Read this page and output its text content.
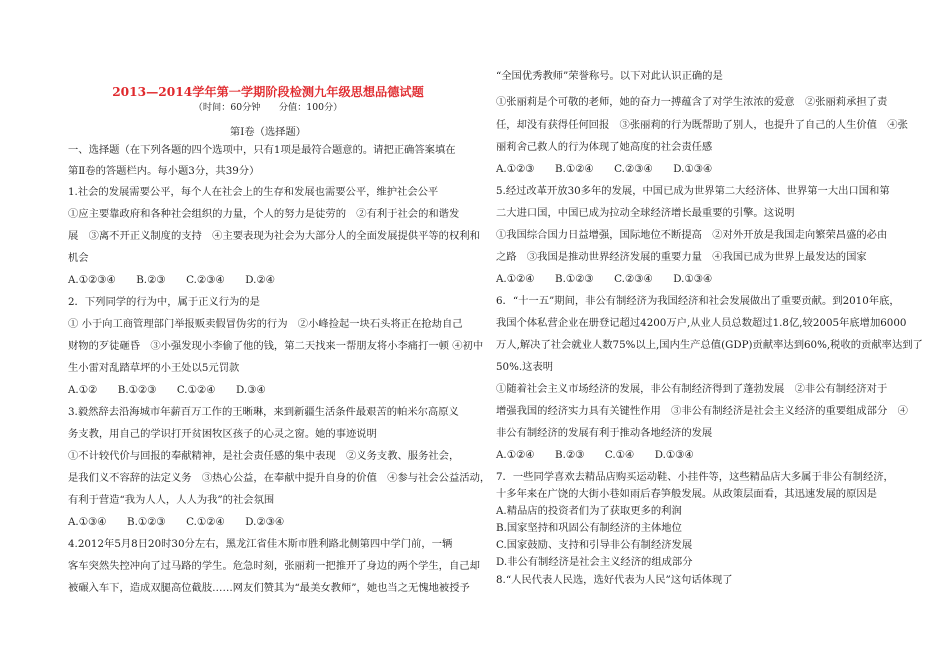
2013—2014学年第一学期阶段检测九年级思想品德试题
（时间：60分钟　　分值：100分）
第Ⅰ卷（选择题）
一、选择题（在下列各题的四个选项中，只有1项是最符合题意的。请把正确答案填在
第Ⅱ卷的答题栏内。每小题3分，共39分）
1.社会的发展需要公平，每个人在社会上的生存和发展也需要公平，维护社会公平
①应主要靠政府和各种社会组织的力量，个人的努力是徒劳的　②有利于社会的和谐发
展　③离不开正义制度的支持　④主要表现为社会为大部分人的全面发展提供平等的权利和
机会
A.①②③④　　B.②③　　C.②③④　　D.②④
2．下列同学的行为中，属于正义行为的是
① 小于向工商管理部门举报贩卖假冒伪劣的行为　②小峰捡起一块石头将正在抢劫自己
财物的歹徒砸昏　③小强发现小李偷了他的钱，第二天找来一帮朋友将小李痛打一顿 ④初中
生小雷对乱踏草坪的小王处以5元罚款
A.①②　　B.①②③　　C.①②④　　D.③④
3.毅然辞去沿海城市年薪百万工作的王晰琳，来到新疆生活条件最艰苦的帕米尔高原义
务支教，用自己的学识打开贫困牧区孩子的心灵之窗。她的事迹说明
①不计较代价与回报的奉献精神，是社会责任感的集中表现　②义务支教、服务社会，
是我们义不容辞的法定义务　③热心公益，在奉献中提升自身的价值　④参与社会公益活动，
有利于营造“我为人人，人人为我”的社会氛围
A.①③④　　B.①②③　　C.①②④　　D.②③④
4.2012年5月8日20时30分左右，黑龙江省佳木斯市胜利路北侧第四中学门前，一辆
客车突然失控冲向了过马路的学生。危急时刻，张丽莉一把推开了身边的两个学生，自己却
被碾入车下，造成双腿高位截肢……网友们赞其为“最美女教师”，她也当之无愧地被授予
“全国优秀教师”荣誉称号。以下对此认识正确的是
①张丽莉是个可敬的老师，她的奋力一搏蕴含了对学生浓浓的爱意　②张丽莉承担了责
任，却没有获得任何回报　③张丽莉的行为既帮助了别人，也提升了自己的人生价值　④张
丽莉舍己救人的行为体现了她高度的社会责任感
A.①②③　　B.①②④　　C.②③④　　D.①③④
5.经过改革开放30多年的发展，中国已成为世界第二大经济体、世界第一大出口国和第
二大进口国，中国已成为拉动全球经济增长最重要的引擎。这说明
①我国综合国力日益增强，国际地位不断提高　②对外开放是我国走向繁荣昌盛的必由
之路　③我国是推动世界经济发展的重要力量　④我国已成为世界上最发达的国家
A.①②④　　B.①②③　　C.②③④　　D.①③④
6．“十一五”期间，非公有制经济为我国经济和社会发展做出了重要贡献。到2010年底，
我国个体私营企业在册登记超过4200万户,从业人员总数超过1.8亿,较2005年底增加6000
万人,解决了社会就业人数75%以上,国内生产总值(GDP)贡献率达到60%,税收的贡献率达到了
50%.这表明
①随着社会主义市场经济的发展，非公有制经济得到了蓬勃发展　②非公有制经济对于
增强我国的经济实力具有关键性作用　③非公有制经济是社会主义经济的重要组成部分　④
非公有制经济的发展有利于推动各地经济的发展
A.①②④　　B.②③　　C.①④　　D.①③④
7．一些同学喜欢去精品店购买运动鞋、小挂件等，这些精品店大多属于非公有制经济，
十多年来在广饶的大街小巷如雨后春笋般发展。从政策层面看，其迅速发展的原因是
A.精品店的投资者们为了获取更多的利润
B.国家坚持和巩固公有制经济的主体地位
C.国家鼓励、支持和引导非公有制经济发展
D.非公有制经济是社会主义经济的组成部分
8.“人民代表人民选，选好代表为人民”这句话体现了
